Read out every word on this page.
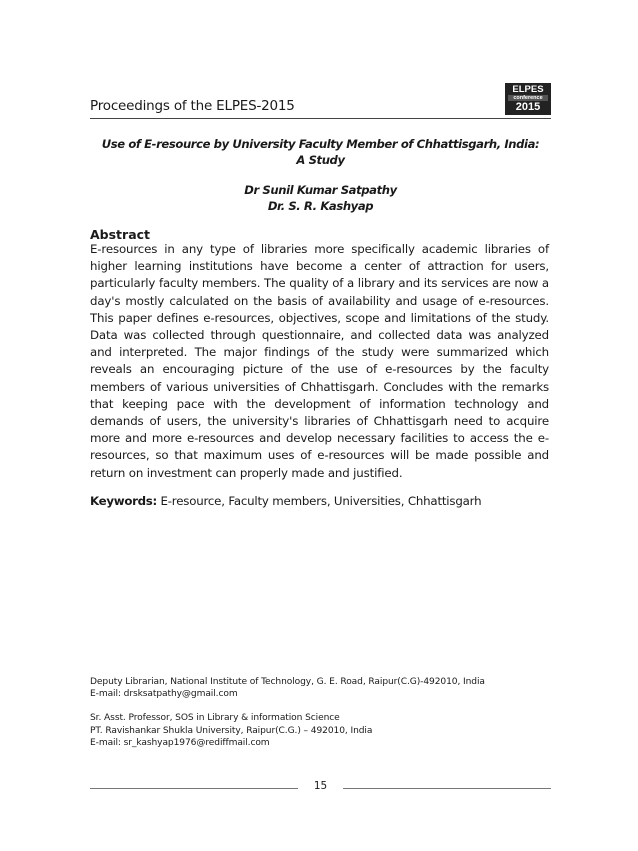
Proceedings of the ELPES-2015
ELPES
conference
2015
Use of E-resource by University Faculty Member of Chhattisgarh, India:
A Study
Dr Sunil Kumar Satpathy
Dr. S. R. Kashyap
Abstract

E-resources in any type of libraries more specifically academic libraries of higher learning institutions have become a center of attraction for users, particularly faculty members. The quality of a library and its services are now a day's mostly calculated on the basis of availability and usage of e-resources. This paper defines e-resources, objectives, scope and limitations of the study. Data was collected through questionnaire, and collected data was analyzed and interpreted. The major findings of the study were summarized which reveals an encouraging picture of the use of e-resources by the faculty members of various universities of Chhattisgarh. Concludes with the remarks that keeping pace with the development of information technology and demands of users, the university's libraries of Chhattisgarh need to acquire more and more e-resources and develop necessary facilities to access the e-resources, so that maximum uses of e-resources will be made possible and return on investment can properly made and justified.

Keywords: E-resource, Faculty members, Universities, Chhattisgarh
Deputy Librarian, National Institute of Technology, G. E. Road, Raipur(C.G)-492010, India
E-mail: drsksatpathy@gmail.com
Sr. Asst. Professor, SOS in Library & information Science
PT. Ravishankar Shukla University, Raipur(C.G.) – 492010, India
E-mail: sr_kashyap1976@rediffmail.com
15
